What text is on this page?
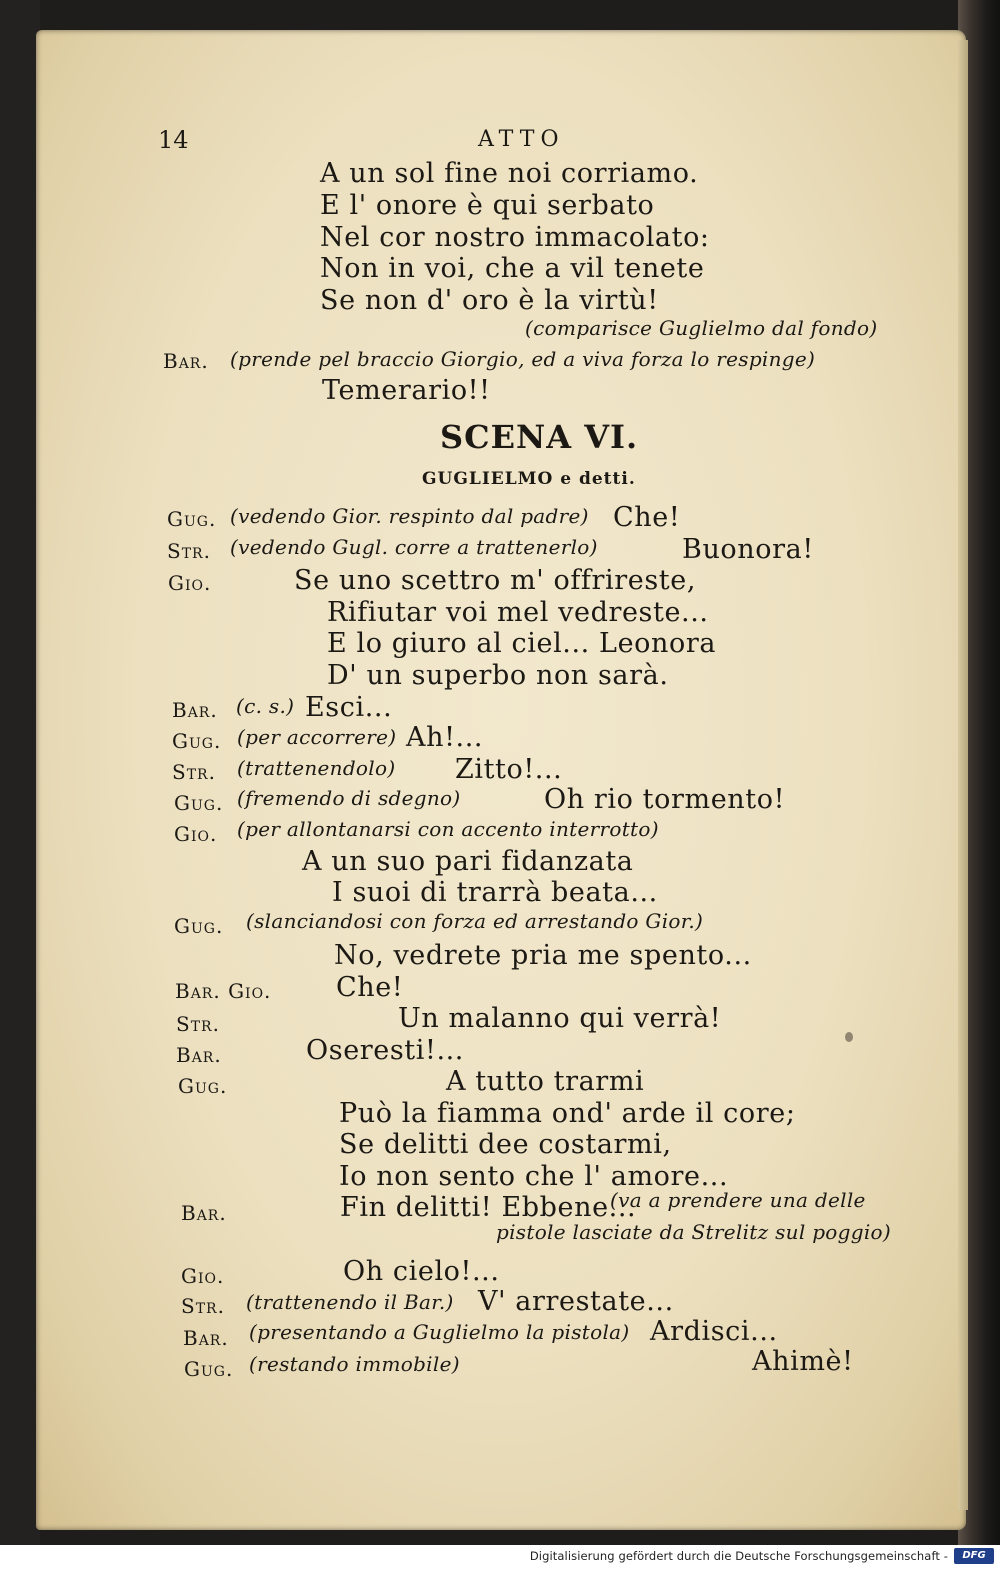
14	ATTO
A un sol fine noi corriamo.
E l' onore è qui serbato
Nel cor nostro immacolato:
Non in voi, che a vil tenete
Se non d' oro è la virtù!
(comparisce Guglielmo dal fondo)
Bar. (prende pel braccio Giorgio, ed a viva forza lo respinge)
Temerario!!
SCENA VI.
GUGLIELMO e detti.
Gug. (vedendo Gior. respinto dal padre) Che!
Str. (vedendo Gugl. corre a trattenerlo)	Buonora!
Gio.	Se uno scettro m' offrireste,
Rifiutar voi mel vedreste...
E lo giuro al ciel... Leonora
D' un superbo non sarà.
Bar. (c. s.) Esci...
Gug. (per accorrere) Ah!...
Str. (trattenendolo) Zitto!...
Gug. (fremendo di sdegno)	Oh rio tormento!
Gio. (per allontanarsi con accento interrotto)
A un suo pari fidanzata
I suoi di trarrà beata...
Gug. (slanciandosi con forza ed arrestando Gior.)
No, vedrete pria me spento...
Bar. Gio. Che!
Str.	Un malanno qui verrà!
Bar.	Oseresti!...
Gug.	A tutto trarmi
Può la fiamma ond' arde il core;
Se delitti dee costarmi,
Io non sento che l' amore...
Bar.	Fin delitti! Ebbene...
(va a prendere una delle
pistole lasciate da Strelitz sul poggio)
Gio.	Oh cielo!...
Str. (trattenendo il Bar.) V' arrestate...
Bar. (presentando a Guglielmo la pistola) Ardisci...
Gug. (restando immobile)	Ahimè!
Digitalisierung gefördert durch die Deutsche Forschungsgemeinschaft -	DFG
